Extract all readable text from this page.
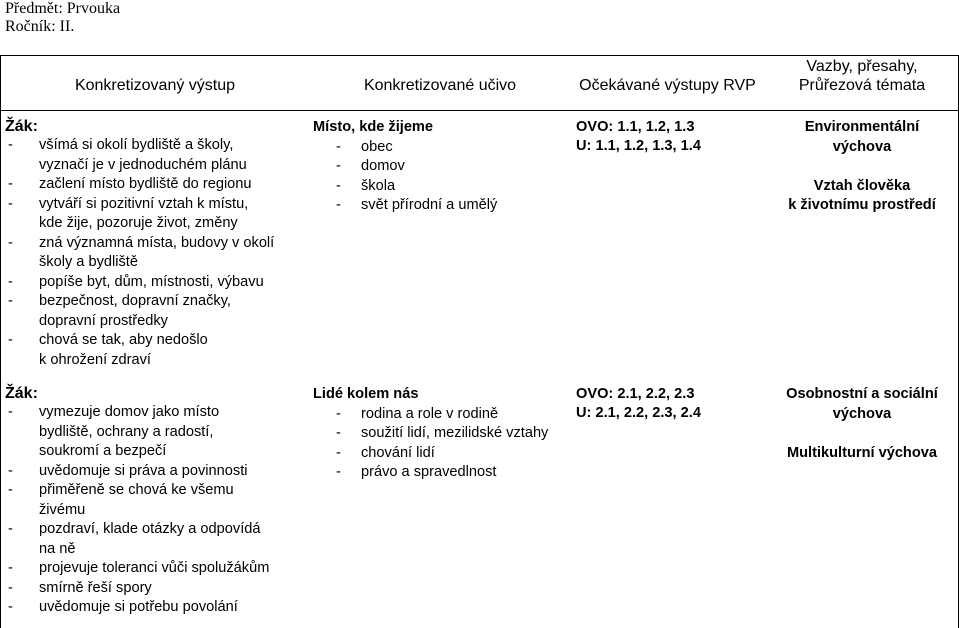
Předmět: Prvouka
Ročník: II.
Konkretizovaný výstup	Konkretizované učivo	Očekávané výstupy RVP
Vazby, přesahy,
Průřezová témata
Žák:
- všímá si okolí bydliště a školy,
vyznačí je v jednoduchém plánu
- začlení místo bydliště do regionu
- vytváří si pozitivní vztah k místu,
kde žije, pozoruje život, změny
- zná významná místa, budovy v okolí
školy a bydliště
- popíše byt, dům, místnosti, výbavu
- bezpečnost, dopravní značky,
dopravní prostředky
- chová se tak, aby nedošlo
k ohrožení zdraví
Místo, kde žijeme
- obec
- domov
- škola
- svět přírodní a umělý
OVO: 1.1, 1.2, 1.3
U: 1.1, 1.2, 1.3, 1.4
Environmentální
výchova
Vztah člověka
k životnímu prostředí
Žák:
- vymezuje domov jako místo
bydliště, ochrany a radostí,
soukromí a bezpečí
- uvědomuje si práva a povinnosti
- přiměřeně se chová ke všemu
živému
- pozdraví, klade otázky a odpovídá
na ně
- projevuje toleranci vůči spolužákům
- smírně řeší spory
- uvědomuje si potřebu povolání
Lidé kolem nás
- rodina a role v rodině
- soužití lidí, mezilidské vztahy
- chování lidí
- právo a spravedlnost
OVO: 2.1, 2.2, 2.3
U: 2.1, 2.2, 2.3, 2.4
Osobnostní a sociální
výchova
Multikulturní výchova
